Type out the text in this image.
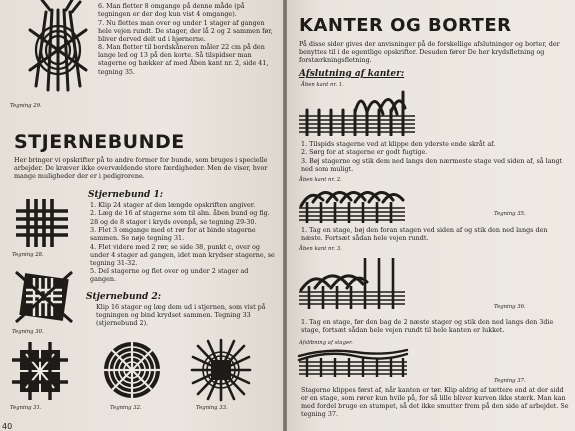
Tegning 29.
6. Man fletter 8 omgange på denne måde (på tegningen er der dog kun vist 4 omgange).
7. Nu flettes man over og under 1 stager af gangen hele vejen rundt. De stager, der lå 2 og 2 sammen før, bliver derved delt ud i hjørnerne.
8. Man fletter til bordskåneren måler 22 cm på den lange led og 13 på den korte. Så tilspidser man stagerne og hækker af med Åben kant nr. 2, side 41, tegning 35.
STJERNEBUNDE
Her bringer vi opskrifter på to andre former for bunde, som bruges i specielle arbejder. De kræver ikke overvældende store færdigheder. Men de viser, hvor mange muligheder der er i pedigrorene.
Tegning 28.
Tegning 30.
Stjernebund 1:
1. Klip 24 stager af den længde opskriften angiver.
2. Læg de 16 af stagerne som til alm. åben bund og fig. 28 og de 8 stager i kryds ovenpå, se tegning 29-30.
3. Flet 3 omgange med et rør for at binde stagerne sammen. Se nøje tegning 31.
4. Flet videre med 2 rør, se side 38, punkt c, over og under 4 stager ad gangen, idet man krydser stagerne, se tegning 31-32.
5. Del stagerne og flet over og under 2 stager ad gangen.
Stjernebund 2:
Klip 16 stager og læg dem ud i stjernen, som vist på tegningen og bind krydset sammen. Tegning 33 (stjernebund 2).
Tegning 31.	Tegning 32.	Tegning 33.
40
KANTER OG BORTER
På disse sider gives der anvisninger på de forskellige afslutninger og borter, der benyttes til i de egentlige opskrifter. Desuden fører De her krydsfletning og forstærkningsfletning.
Afslutning af kanter:
Åben kant nr. 1.
1. Tilspids stagerne ved at klippe den yderste ende skråt af.
2. Sørg for at stagerne er godt fugtige.
3. Bøj stagerne og stik dem ned langs den nærmeste stage ved siden af, så langt ned som muligt.
Åben kant nr. 2.
Tegning 35.
1. Tag en stage, bøj den foran stagen ved siden af og stik den ned langs den næste. Fortsæt sådan hele vejen rundt.
Åben kant nr. 3.
Tegning 36.
1. Tag en stage, før den bag de 2 næste stager og stik den ned langs den 3die stage, fortsæt sådan hele vejen rundt til hele kanten er lukket.
Afslibning af stager.
Tegning 37.
Stagerne klippes først af, når kanten er tør. Klip aldrig af tættere end at der sidd er en stage, som rører kun hvile på, for så lille bliver kurven ikke stærk. Man kan med fordel bruge en stumpet, så det ikke smutter frem på den side af arbejdet. Se tegning 37.
